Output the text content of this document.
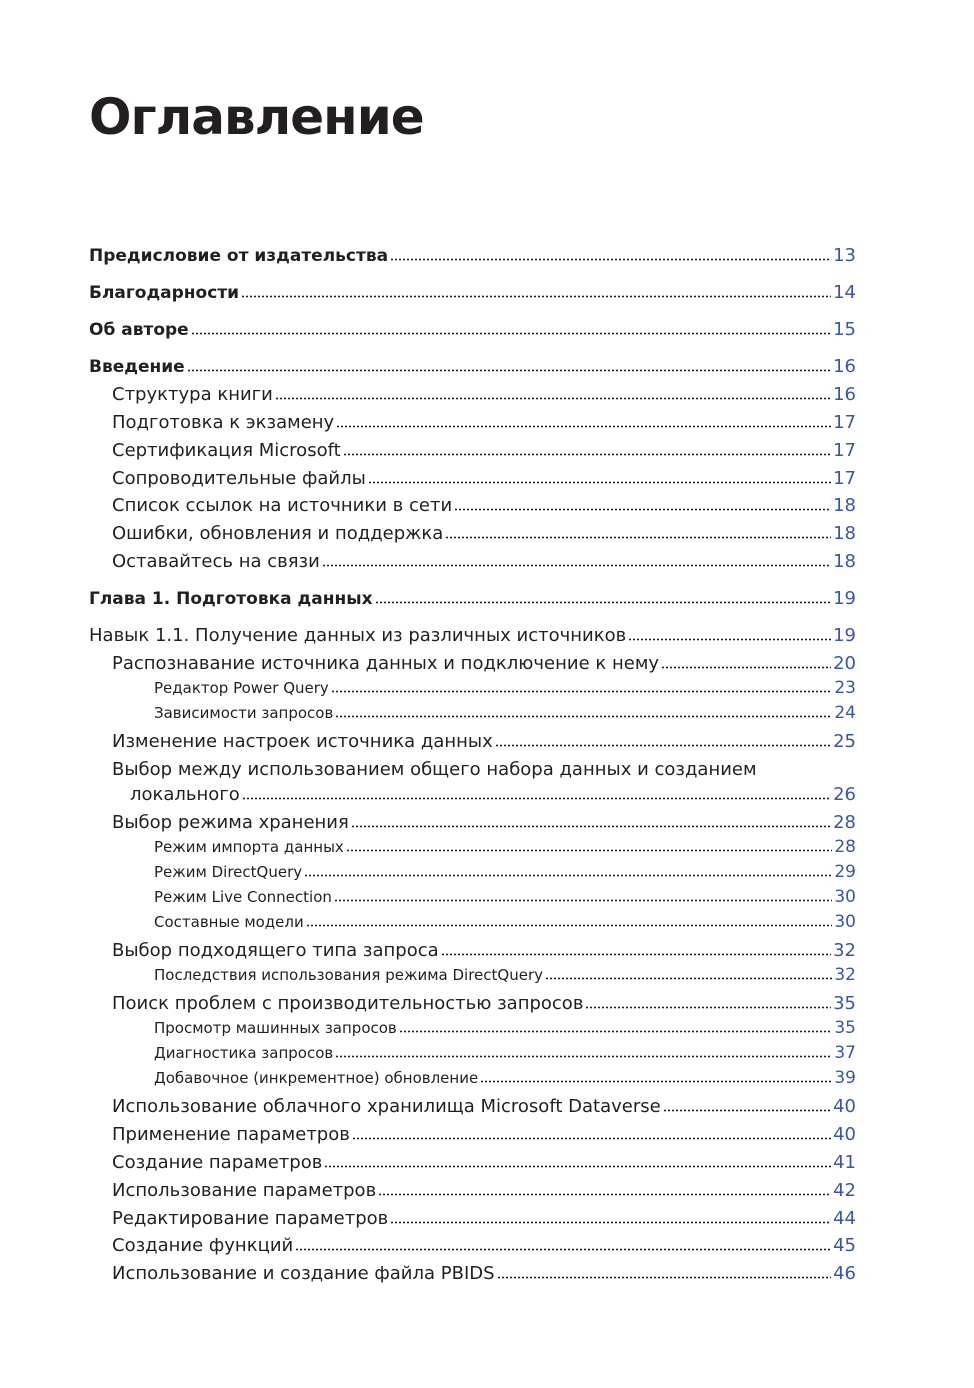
Оглавление
Предисловие от издательства	13
Благодарности	14
Об авторе	15
Введение	16
Структура книги	16
Подготовка к экзамену	17
Сертификация Microsoft	17
Сопроводительные файлы	17
Список ссылок на источники в сети	18
Ошибки, обновления и поддержка	18
Оставайтесь на связи	18
Глава 1. Подготовка данных	19
Навык 1.1. Получение данных из различных источников	19
Распознавание источника данных и подключение к нему	20
Редактор Power Query	23
Зависимости запросов	24
Изменение настроек источника данных	25
Выбор между использованием общего набора данных и созданием
локального	26
Выбор режима хранения	28
Режим импорта данных	28
Режим DirectQuery	29
Режим Live Connection	30
Составные модели	30
Выбор подходящего типа запроса	32
Последствия использования режима DirectQuery	32
Поиск проблем с производительностью запросов	35
Просмотр машинных запросов	35
Диагностика запросов	37
Добавочное (инкрементное) обновление	39
Использование облачного хранилища Microsoft Dataverse	40
Применение параметров	40
Создание параметров	41
Использование параметров	42
Редактирование параметров	44
Создание функций	45
Использование и создание файла PBIDS	46
